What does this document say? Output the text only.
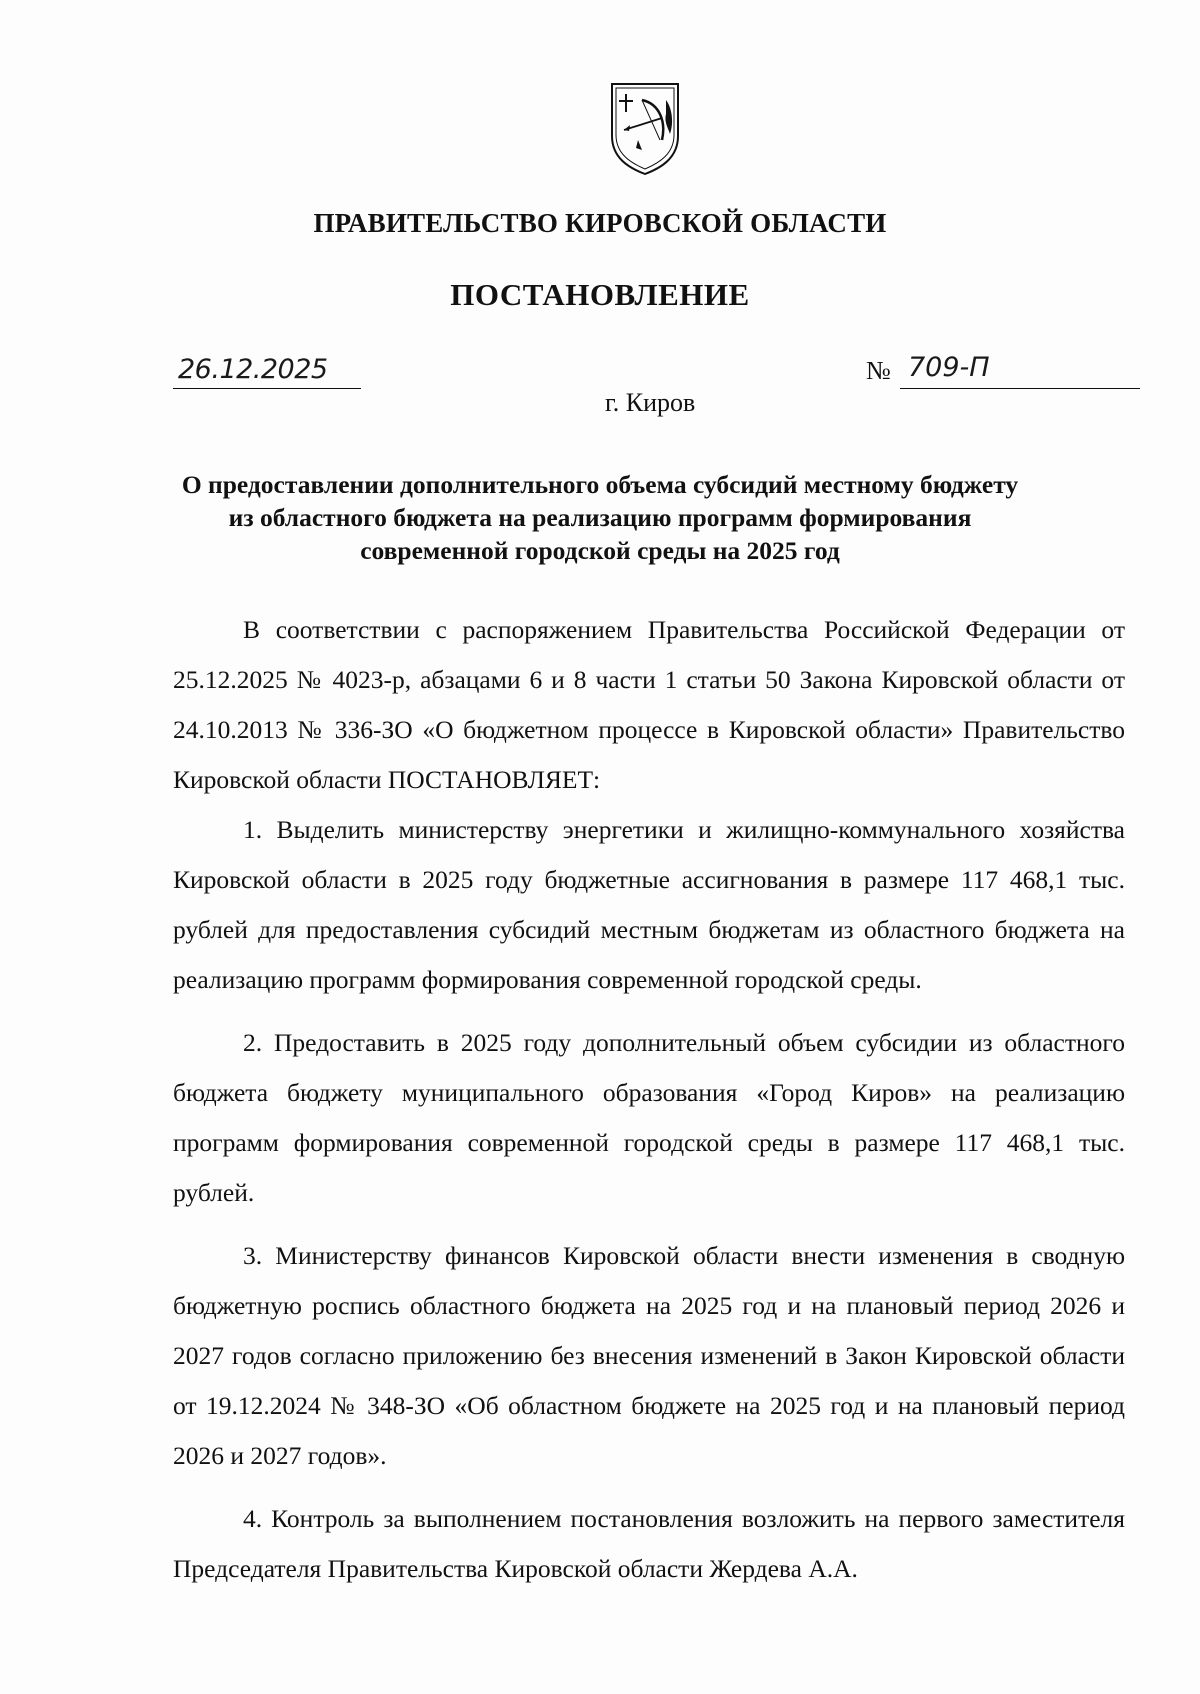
ПРАВИТЕЛЬСТВО КИРОВСКОЙ ОБЛАСТИ
ПОСТАНОВЛЕНИЕ
26.12.2025	№ 709-П
г. Киров
О предоставлении дополнительного объема субсидий местному бюджету
из областного бюджета на реализацию программ формирования
современной городской среды на 2025 год

В соответствии с распоряжением Правительства Российской Федерации от 25.12.2025 № 4023-р, абзацами 6 и 8 части 1 статьи 50 Закона Кировской области от 24.10.2013 № 336-ЗО «О бюджетном процессе в Кировской области» Правительство Кировской области ПОСТАНОВЛЯЕТ:

1. Выделить министерству энергетики и жилищно-коммунального хозяйства Кировской области в 2025 году бюджетные ассигнования в размере 117 468,1 тыс. рублей для предоставления субсидий местным бюджетам из областного бюджета на реализацию программ формирования современной городской среды.

2. Предоставить в 2025 году дополнительный объем субсидии из областного бюджета бюджету муниципального образования «Город Киров» на реализацию программ формирования современной городской среды в размере 117 468,1 тыс. рублей.

3. Министерству финансов Кировской области внести изменения в сводную бюджетную роспись областного бюджета на 2025 год и на плановый период 2026 и 2027 годов согласно приложению без внесения изменений в Закон Кировской области от 19.12.2024 № 348-ЗО «Об областном бюджете на 2025 год и на плановый период 2026 и 2027 годов».

4. Контроль за выполнением постановления возложить на первого заместителя Председателя Правительства Кировской области Жердева А.А.
